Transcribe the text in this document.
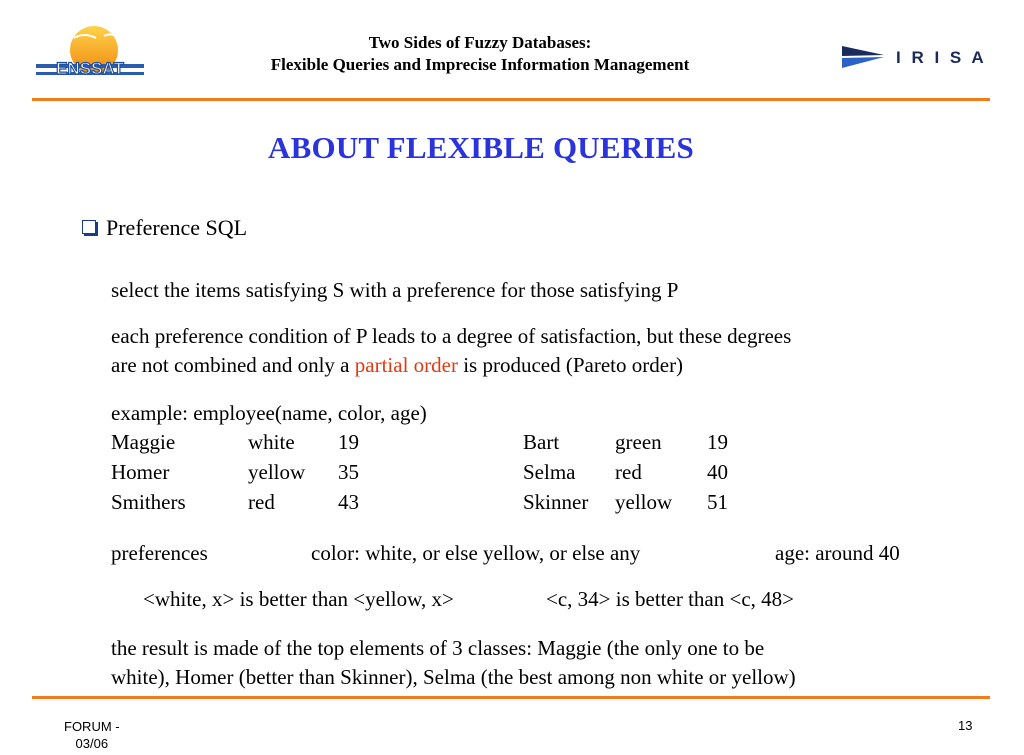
ENSSAT
Two Sides of Fuzzy Databases:
Flexible Queries and Imprecise Information Management	I R I S A
ABOUT FLEXIBLE QUERIES
Preference SQL
select the items satisfying S with a preference for those satisfying P
each preference condition of P leads to a degree of satisfaction, but these degrees
are not combined and only a partial order is produced (Pareto order)
example: employee(name, color, age)
Maggie	white 19
Homer	yellow 35
Smithers	red	43
Bart	green 19
Selma red	40
Skinner yellow 51
preferences	color: white, or else yellow, or else any	age: around 40
<white, x> is better than <yellow, x>	<c, 34> is better than <c, 48>
the result is made of the top elements of 3 classes: Maggie (the only one to be
white), Homer (better than Skinner), Selma (the best among non white or yellow)
FORUM -
03/06
13
